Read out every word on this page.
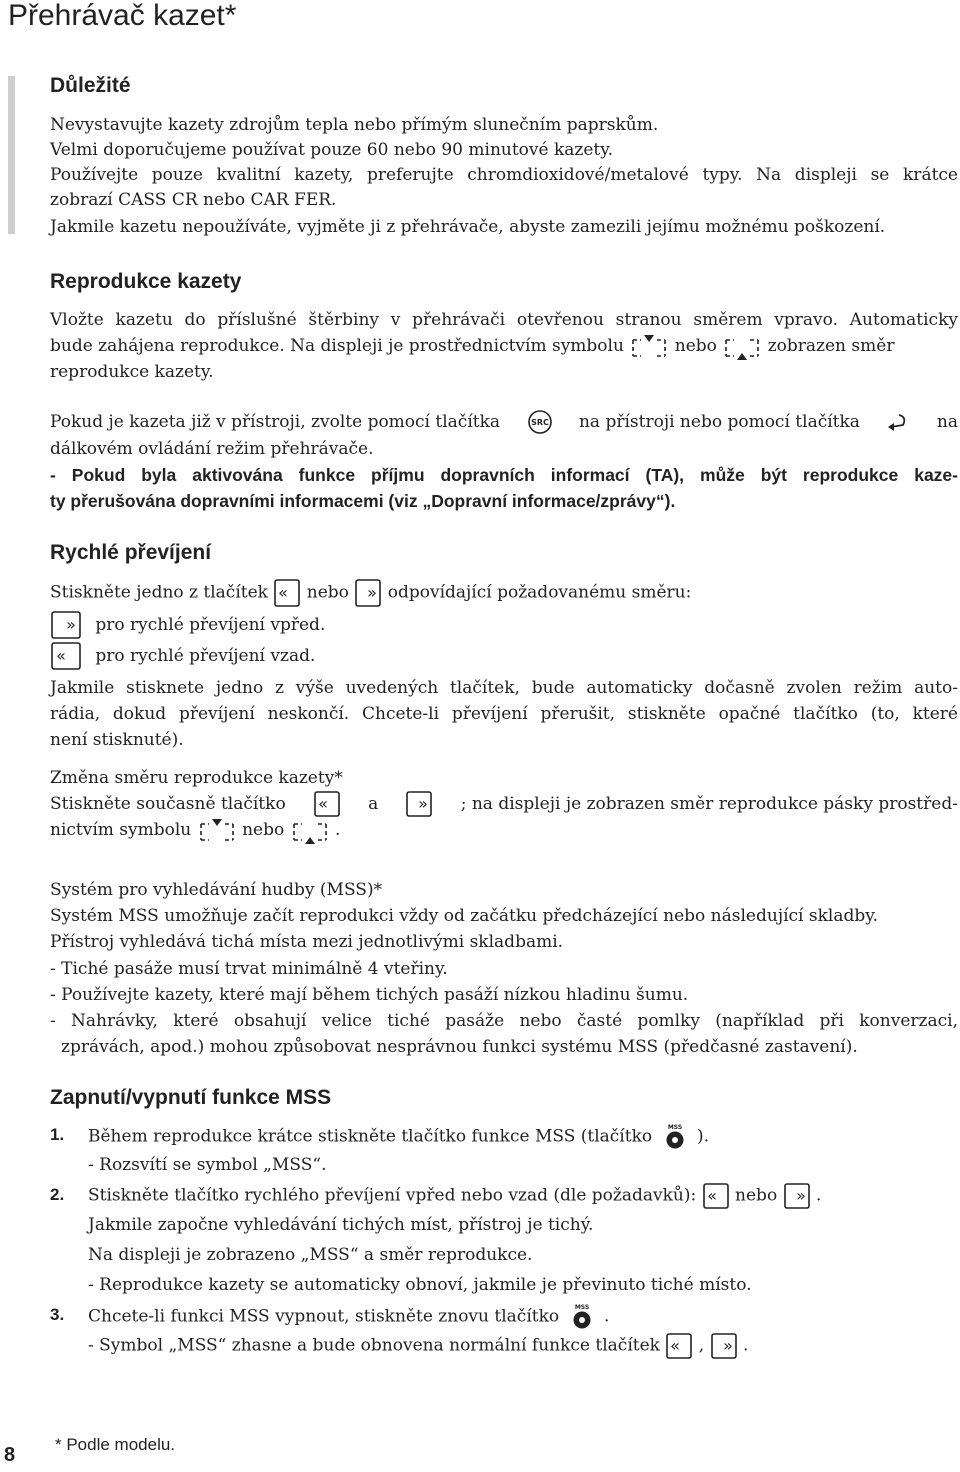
Přehrávač kazet*
Důležité
Nevystavujte kazety zdrojům tepla nebo přímým slunečním paprskům.
Velmi doporučujeme používat pouze 60 nebo 90 minutové kazety.
Používejte pouze kvalitní kazety, preferujte chromdioxidové/metalové typy. Na displeji se krátce
zobrazí CASS CR nebo CAR FER.
Jakmile kazetu nepoužíváte, vyjměte ji z přehrávače, abyste zamezili jejímu možnému poškození.
Reprodukce kazety
Vložte kazetu do příslušné štěrbiny v přehrávači otevřenou stranou směrem vpravo. Automaticky
bude zahájena reprodukce. Na displeji je prostřednictvím symbolu	nebo	zobrazen směr
reprodukce kazety.
Pokud je kazeta již v přístroji, zvolte pomocí tlačítka	SRC na přístroji nebo pomocí tlačítka	na
dálkovém ovládání režim přehrávače.
- Pokud byla aktivována funkce příjmu dopravních informací (TA), může být reprodukce kaze-
ty přerušována dopravními informacemi (viz „Dopravní informace/zprávy“).
Rychlé převíjení
Stiskněte jedno z tlačítek « nebo » odpovídající požadovanému směru:
» pro rychlé převíjení vpřed.
« pro rychlé převíjení vzad.
Jakmile stisknete jedno z výše uvedených tlačítek, bude automaticky dočasně zvolen režim auto-
rádia, dokud převíjení neskončí. Chcete-li převíjení přerušit, stiskněte opačné tlačítko (to, které
není stisknuté).
Změna směru reprodukce kazety*
Stiskněte současně tlačítko « a	» ; na displeji je zobrazen směr reprodukce pásky prostřed-
nictvím symbolu	nebo	.
Systém pro vyhledávání hudby (MSS)*
Systém MSS umožňuje začít reprodukci vždy od začátku předcházející nebo následující skladby.
Přístroj vyhledává tichá místa mezi jednotlivými skladbami.
- Tiché pasáže musí trvat minimálně 4 vteřiny.
- Používejte kazety, které mají během tichých pasáží nízkou hladinu šumu.
- Nahrávky, které obsahují velice tiché pasáže nebo časté pomlky (například při konverzaci,
zprávách, apod.) mohou způsobovat nesprávnou funkci systému MSS (předčasné zastavení).
Zapnutí/vypnutí funkce MSS
1. Během reprodukce krátce stiskněte tlačítko funkce MSS (tlačítko	MSS ).
- Rozsvítí se symbol „MSS“.
2. Stiskněte tlačítko rychlého převíjení vpřed nebo vzad (dle požadavků): « nebo » .
Jakmile započne vyhledávání tichých míst, přístroj je tichý.
Na displeji je zobrazeno „MSS“ a směr reprodukce.
- Reprodukce kazety se automaticky obnoví, jakmile je převinuto tiché místo.
3. Chcete-li funkci MSS vypnout, stiskněte znovu tlačítko	MSS .
- Symbol „MSS“ zhasne a bude obnovena normální funkce tlačítek « , » .
8 * Podle modelu.
